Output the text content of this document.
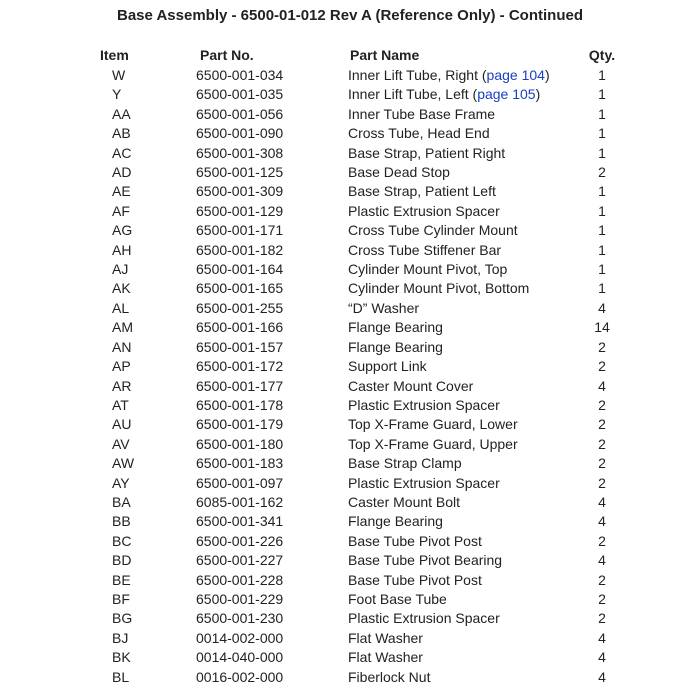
Base Assembly - 6500-01-012 Rev A (Reference Only) - Continued
Item	Part No.	Part Name	Qty.
W	6500-001-034	Inner Lift Tube, Right (page 104)	1
Y	6500-001-035	Inner Lift Tube, Left (page 105)	1
AA	6500-001-056	Inner Tube Base Frame	1
AB	6500-001-090	Cross Tube, Head End	1
AC	6500-001-308	Base Strap, Patient Right	1
AD	6500-001-125	Base Dead Stop	2
AE	6500-001-309	Base Strap, Patient Left	1
AF	6500-001-129	Plastic Extrusion Spacer	1
AG	6500-001-171	Cross Tube Cylinder Mount	1
AH	6500-001-182	Cross Tube Stiffener Bar	1
AJ	6500-001-164	Cylinder Mount Pivot, Top	1
AK	6500-001-165	Cylinder Mount Pivot, Bottom	1
AL	6500-001-255	“D” Washer	4
AM	6500-001-166	Flange Bearing	14
AN	6500-001-157	Flange Bearing	2
AP	6500-001-172	Support Link	2
AR	6500-001-177	Caster Mount Cover	4
AT	6500-001-178	Plastic Extrusion Spacer	2
AU	6500-001-179	Top X-Frame Guard, Lower	2
AV	6500-001-180	Top X-Frame Guard, Upper	2
AW	6500-001-183	Base Strap Clamp	2
AY	6500-001-097	Plastic Extrusion Spacer	2
BA	6085-001-162	Caster Mount Bolt	4
BB	6500-001-341	Flange Bearing	4
BC	6500-001-226	Base Tube Pivot Post	2
BD	6500-001-227	Base Tube Pivot Bearing	4
BE	6500-001-228	Base Tube Pivot Post	2
BF	6500-001-229	Foot Base Tube	2
BG	6500-001-230	Plastic Extrusion Spacer	2
BJ	0014-002-000	Flat Washer	4
BK	0014-040-000	Flat Washer	4
BL	0016-002-000	Fiberlock Nut	4
